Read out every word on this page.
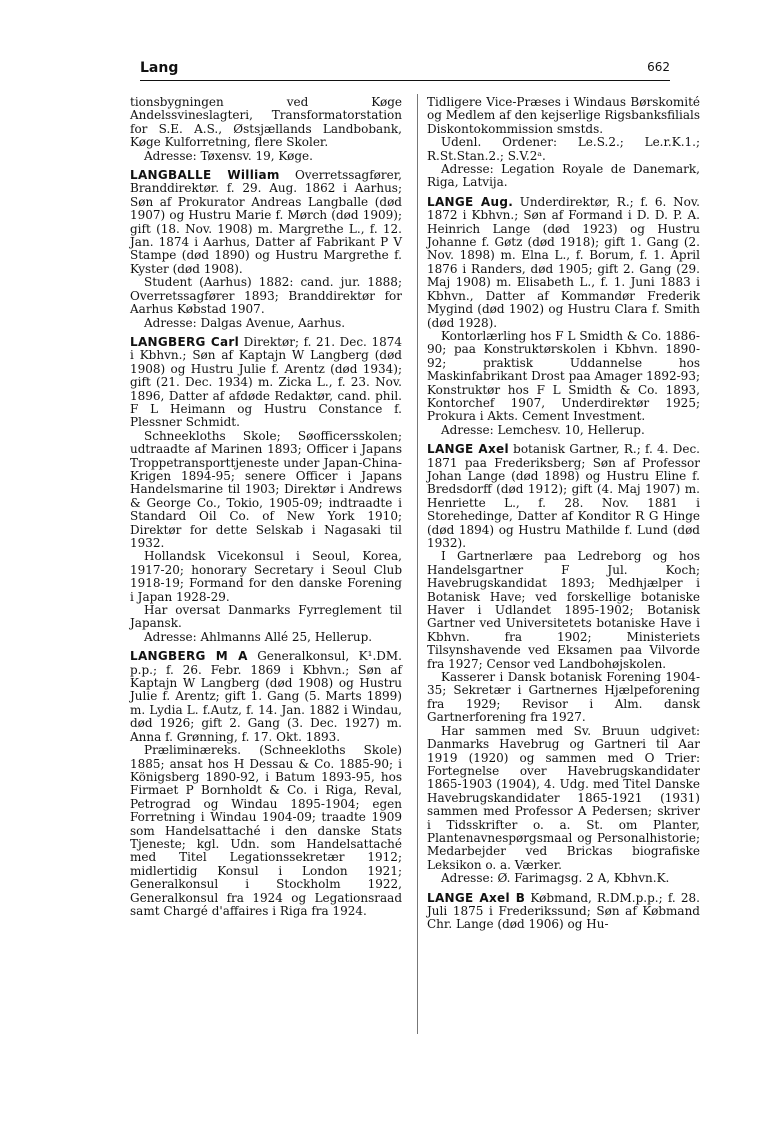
Lang	662

tionsbygningen ved Køge Andelssvineslagteri, Transformatorstation for S.E. A.S., Østsjællands Landbobank, Køge Kulforretning, flere Skoler.

Adresse: Tøxensv. 19, Køge.

LANGBALLE William Overretssagfører, Branddirektør. f. 29. Aug. 1862 i Aarhus; Søn af Prokurator Andreas Langballe (død 1907) og Hustru Marie f. Mørch (død 1909); gift (18. Nov. 1908) m. Margrethe L., f. 12. Jan. 1874 i Aarhus, Datter af Fabrikant P V Stampe (død 1890) og Hustru Margrethe f. Kyster (død 1908).

Student (Aarhus) 1882: cand. jur. 1888; Overretssagfører 1893; Branddirektør for Aarhus Købstad 1907.

Adresse: Dalgas Avenue, Aarhus.

LANGBERG Carl Direktør; f. 21. Dec. 1874 i Kbhvn.; Søn af Kaptajn W Langberg (død 1908) og Hustru Julie f. Arentz (død 1934); gift (21. Dec. 1934) m. Zicka L., f. 23. Nov. 1896, Datter af afdøde Redaktør, cand. phil. F L Heimann og Hustru Constance f. Plessner Schmidt.

Schneekloths Skole; Søofficersskolen; udtraadte af Marinen 1893; Officer i Japans Troppetransporttjeneste under Japan-China-Krigen 1894-95; senere Officer i Japans Handelsmarine til 1903; Direktør i Andrews & George Co., Tokio, 1905-09; indtraadte i Standard Oil Co. of New York 1910; Direktør for dette Selskab i Nagasaki til 1932.

Hollandsk Vicekonsul i Seoul, Korea, 1917-20; honorary Secretary i Seoul Club 1918-19; Formand for den danske Forening i Japan 1928-29.

Har oversat Danmarks Fyrreglement til Japansk.

Adresse: Ahlmanns Allé 25, Hellerup.

LANGBERG M A Generalkonsul, K¹.DM. p.p.; f. 26. Febr. 1869 i Kbhvn.; Søn af Kaptajn W Langberg (død 1908) og Hustru Julie f. Arentz; gift 1. Gang (5. Marts 1899) m. Lydia L. f.Autz, f. 14. Jan. 1882 i Windau, død 1926; gift 2. Gang (3. Dec. 1927) m. Anna f. Grønning, f. 17. Okt. 1893.

Præliminæreks. (Schneekloths Skole) 1885; ansat hos H Dessau & Co. 1885-90; i Königsberg 1890-92, i Batum 1893-95, hos Firmaet P Bornholdt & Co. i Riga, Reval, Petrograd og Windau 1895-1904; egen Forretning i Windau 1904-09; traadte 1909 som Handelsattaché i den danske Stats Tjeneste; kgl. Udn. som Handelsattaché med Titel Legationssekretær 1912; midlertidig Konsul i London 1921; Generalkonsul i Stockholm 1922, Generalkonsul fra 1924 og Legationsraad samt Chargé d'affaires i Riga fra 1924.

Tidligere Vice-Præses i Windaus Børskomité og Medlem af den kejserlige Rigsbanksfilials Diskontokommission smstds.

Udenl. Ordener: Le.S.2.; Le.r.K.1.; R.St.Stan.2.; S.V.2ᵃ.

Adresse: Legation Royale de Danemark, Riga, Latvija.

LANGE Aug. Underdirektør, R.; f. 6. Nov. 1872 i Kbhvn.; Søn af Formand i D. D. P. A. Heinrich Lange (død 1923) og Hustru Johanne f. Gøtz (død 1918); gift 1. Gang (2. Nov. 1898) m. Elna L., f. Borum, f. 1. April 1876 i Randers, død 1905; gift 2. Gang (29. Maj 1908) m. Elisabeth L., f. 1. Juni 1883 i Kbhvn., Datter af Kommandør Frederik Mygind (død 1902) og Hustru Clara f. Smith (død 1928).

Kontorlærling hos F L Smidth & Co. 1886-90; paa Konstruktørskolen i Kbhvn. 1890-92; praktisk Uddannelse hos Maskinfabrikant Drost paa Amager 1892-93; Konstruktør hos F L Smidth & Co. 1893, Kontorchef 1907, Underdirektør 1925; Prokura i Akts. Cement Investment.

Adresse: Lemchesv. 10, Hellerup.

LANGE Axel botanisk Gartner, R.; f. 4. Dec. 1871 paa Frederiksberg; Søn af Professor Johan Lange (død 1898) og Hustru Eline f. Bredsdorff (død 1912); gift (4. Maj 1907) m. Henriette L., f. 28. Nov. 1881 i Storehedinge, Datter af Konditor R G Hinge (død 1894) og Hustru Mathilde f. Lund (død 1932).

I Gartnerlære paa Ledreborg og hos Handelsgartner F Jul. Koch; Havebrugskandidat 1893; Medhjælper i Botanisk Have; ved forskellige botaniske Haver i Udlandet 1895-1902; Botanisk Gartner ved Universitetets botaniske Have i Kbhvn. fra 1902; Ministeriets Tilsynshavende ved Eksamen paa Vilvorde fra 1927; Censor ved Landbohøjskolen.

Kasserer i Dansk botanisk Forening 1904-35; Sekretær i Gartnernes Hjælpeforening fra 1929; Revisor i Alm. dansk Gartnerforening fra 1927.

Har sammen med Sv. Bruun udgivet: Danmarks Havebrug og Gartneri til Aar 1919 (1920) og sammen med O Trier: Fortegnelse over Havebrugskandidater 1865-1903 (1904), 4. Udg. med Titel Danske Havebrugskandidater 1865-1921 (1931) sammen med Professor A Pedersen; skriver i Tidsskrifter o. a. St. om Planter, Plantenavnespørgsmaal og Personalhistorie; Medarbejder ved Brickas biografiske Leksikon o. a. Værker.

Adresse: Ø. Farimagsg. 2 A, Kbhvn.K.

LANGE Axel B Købmand, R.DM.p.p.; f. 28. Juli 1875 i Frederikssund; Søn af Købmand Chr. Lange (død 1906) og Hu-
